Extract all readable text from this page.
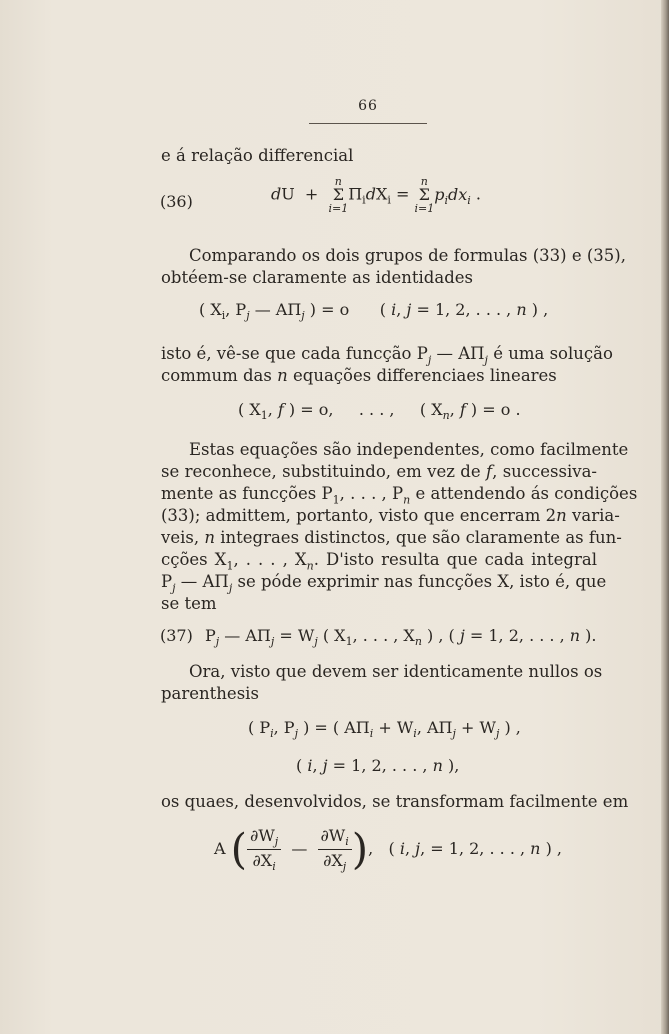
66
e á relação differencial
(36)	dU  +
n
Σ
i=1
$\Pi_idX_i$ =
n
Σ
i=1
$p_idx_i$ .
Comparando os dois grupos de formulas (33) e (35),
obtéem-se claramente as identidades
( $X_i$, $P_j$ — $A\Pi_j$ ) = o      ( i, j = 1, 2, . . . , n ) ,
isto é, vê-se que cada funcção $P_j$ — $A\Pi_j$ é uma solução
commum das n equações differenciaes lineares
( $X_1$, f ) = o,     . . . ,     ( $X_n$, f ) = o .
Estas equações são independentes, como facilmente
se reconhece, substituindo, em vez de f, successiva-
mente as funcções $P_1$, . . . , $P_n$ e attendendo ás condições
(33); admittem, portanto, visto que encerram 2n varia-
veis, n integraes distinctos, que são claramente as fun-
cções $X_1$, . . . , $X_n$. D'isto resulta que cada integral
$P_j$ — $A\Pi_j$ se póde exprimir nas funcções X, isto é, que
se tem
(37) $P_j$ — $A\Pi_j = W_j$ ( $X_1$, . . . , $X_n$ ) , ( j = 1, 2, . . . , n ).
Ora, visto que devem ser identicamente nullos os
parenthesis
( $P_i$, $P_j$ ) = ( $A\Pi_i + W_i$, $A\Pi_j + W_j$ ) ,
( i, j = 1, 2, . . . , n ),
os quaes, desenvolvidos, se transformam facilmente em
A ( $\frac{\partial W_j}{\partial X_i}$ — $\frac{\partial W_i}{\partial X_j}$ ),   ( i, j, = 1, 2, . . . , n ) ,
